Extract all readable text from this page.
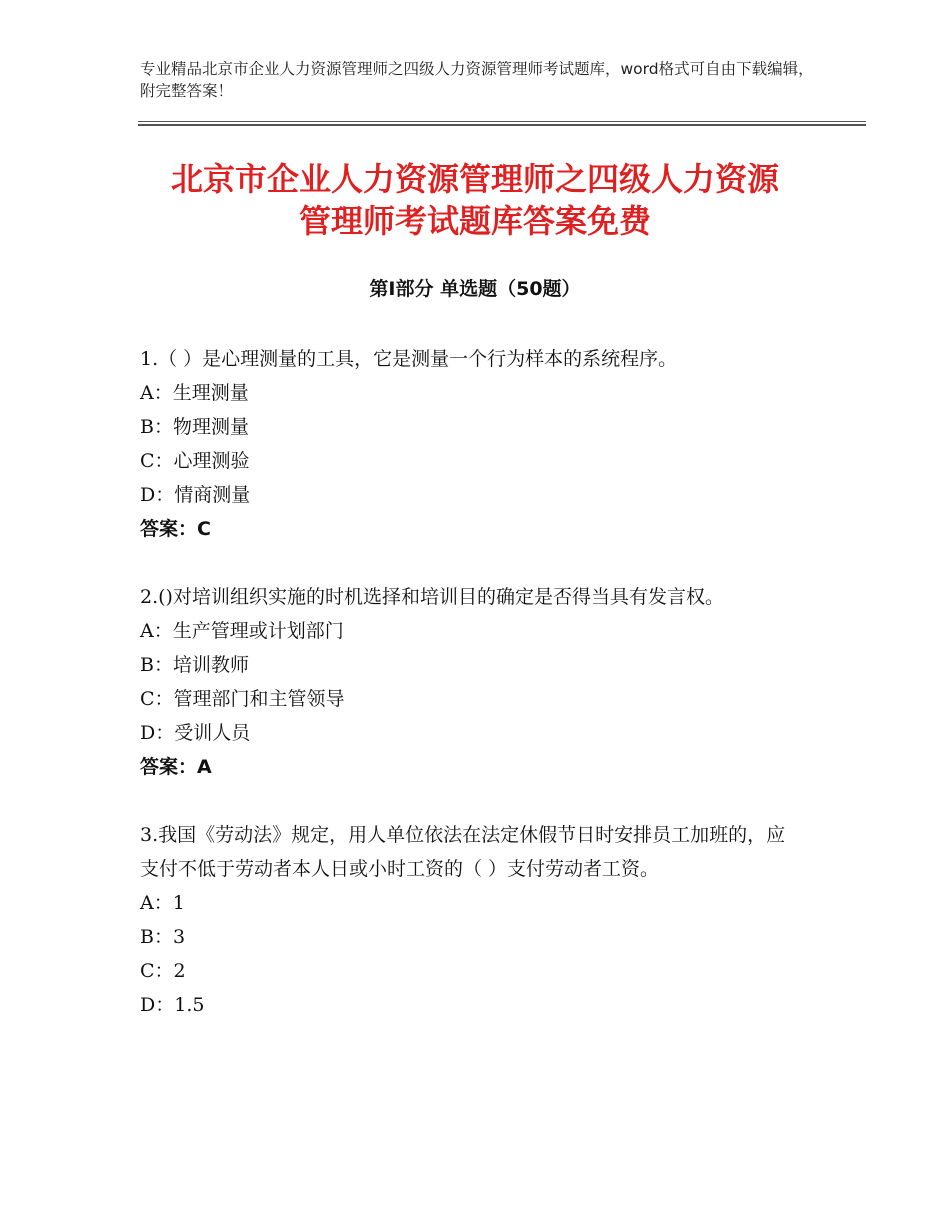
专业精品北京市企业人力资源管理师之四级人力资源管理师考试题库，word格式可自由下载编辑，附完整答案！
北京市企业人力资源管理师之四级人力资源
管理师考试题库答案免费
第Ⅰ部分 单选题（50题）
1.（ ）是心理测量的工具，它是测量一个行为样本的系统程序。
A：生理测量
B：物理测量
C：心理测验
D：情商测量
答案：C
2.()对培训组织实施的时机选择和培训目的确定是否得当具有发言权。
A：生产管理或计划部门
B：培训教师
C：管理部门和主管领导
D：受训人员
答案：A
3.我国《劳动法》规定，用人单位依法在法定休假节日时安排员工加班的，应支付不低于劳动者本人日或小时工资的（ ）支付劳动者工资。
A：1
B：3
C：2
D：1.5
